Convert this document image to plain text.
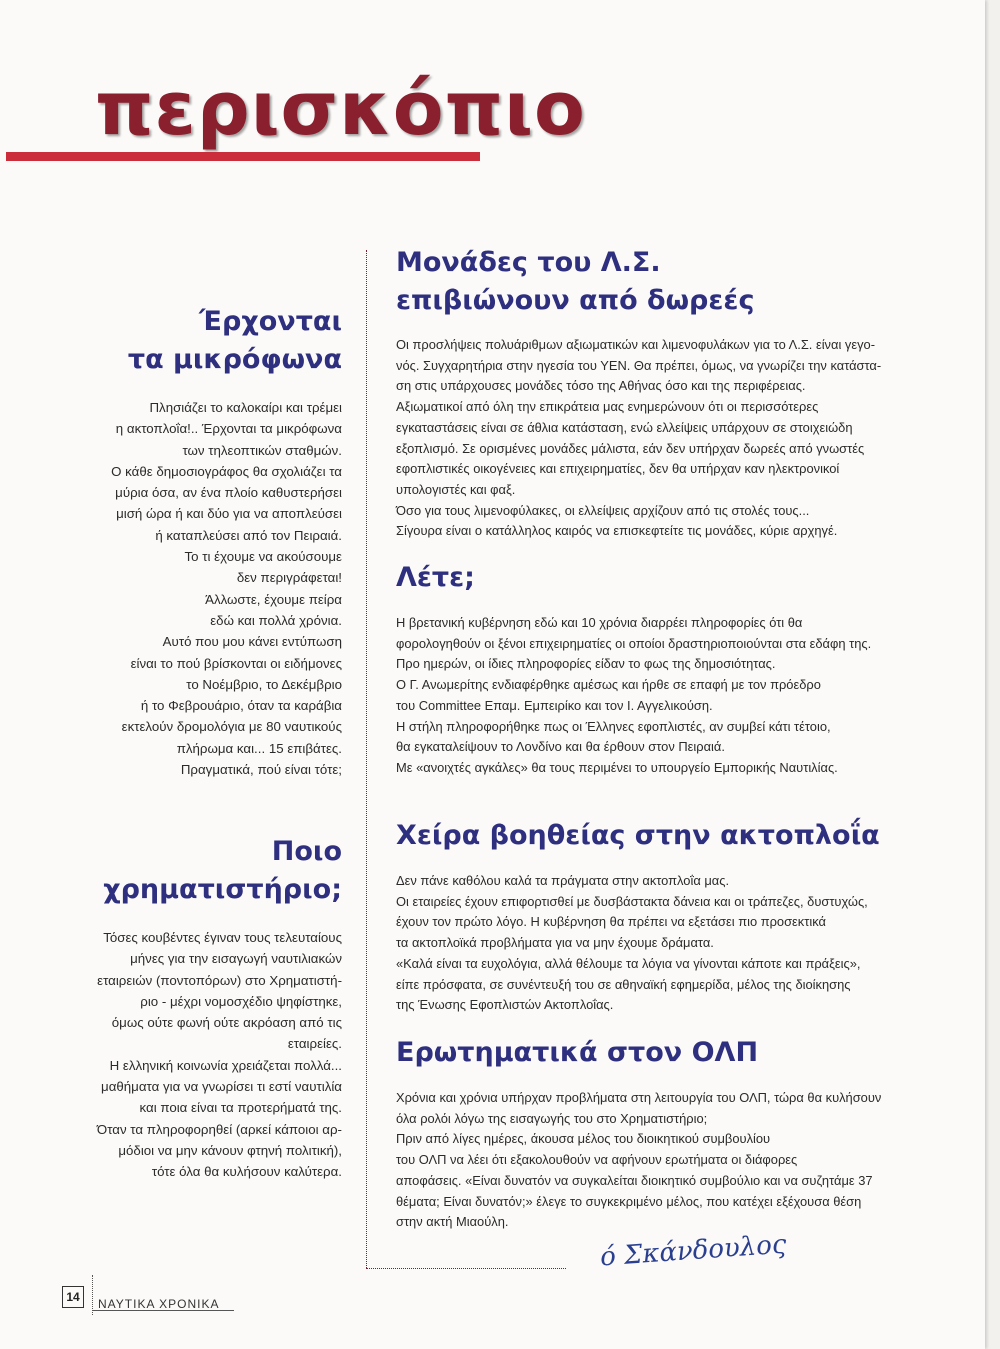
περισκόπιο
Έρχονται
τα μικρόφωνα
Πλησιάζει το καλοκαίρι και τρέμει
η ακτοπλοΐα!.. Έρχονται τα μικρόφωνα
των τηλεοπτικών σταθμών.
Ο κάθε δημοσιογράφος θα σχολιάζει τα
μύρια όσα, αν ένα πλοίο καθυστερήσει
μισή ώρα ή και δύο για να αποπλεύσει
ή καταπλεύσει από τον Πειραιά.
Το τι έχουμε να ακούσουμε
δεν περιγράφεται!
Άλλωστε, έχουμε πείρα
εδώ και πολλά χρόνια.
Αυτό που μου κάνει εντύπωση
είναι το πού βρίσκονται οι ειδήμονες
το Νοέμβριο, το Δεκέμβριο
ή το Φεβρουάριο, όταν τα καράβια
εκτελούν δρομολόγια με 80 ναυτικούς
πλήρωμα και... 15 επιβάτες.
Πραγματικά, πού είναι τότε;
Ποιο
χρηματιστήριο;
Τόσες κουβέντες έγιναν τους τελευταίους
μήνες για την εισαγωγή ναυτιλιακών
εταιρειών (ποντοπόρων) στο Χρηματιστή-
ριο - μέχρι νομοσχέδιο ψηφίστηκε,
όμως ούτε φωνή ούτε ακρόαση από τις
εταιρείες.
Η ελληνική κοινωνία χρειάζεται πολλά...
μαθήματα για να γνωρίσει τι εστί ναυτιλία
και ποια είναι τα προτερήματά της.
Όταν τα πληροφορηθεί (αρκεί κάποιοι αρ-
μόδιοι να μην κάνουν φτηνή πολιτική),
τότε όλα θα κυλήσουν καλύτερα.
Μονάδες του Λ.Σ.
επιβιώνουν από δωρεές
Οι προσλήψεις πολυάριθμων αξιωματικών και λιμενοφυλάκων για το Λ.Σ. είναι γεγο-
νός. Συγχαρητήρια στην ηγεσία του ΥΕΝ. Θα πρέπει, όμως, να γνωρίζει την κατάστα-
ση στις υπάρχουσες μονάδες τόσο της Αθήνας όσο και της περιφέρειας.
Αξιωματικοί από όλη την επικράτεια μας ενημερώνουν ότι οι περισσότερες
εγκαταστάσεις είναι σε άθλια κατάσταση, ενώ ελλείψεις υπάρχουν σε στοιχειώδη
εξοπλισμό. Σε ορισμένες μονάδες μάλιστα, εάν δεν υπήρχαν δωρεές από γνωστές
εφοπλιστικές οικογένειες και επιχειρηματίες, δεν θα υπήρχαν καν ηλεκτρονικοί
υπολογιστές και φαξ.
Όσο για τους λιμενοφύλακες, οι ελλείψεις αρχίζουν από τις στολές τους...
Σίγουρα είναι ο κατάλληλος καιρός να επισκεφτείτε τις μονάδες, κύριε αρχηγέ.
Λέτε;
Η βρετανική κυβέρνηση εδώ και 10 χρόνια διαρρέει πληροφορίες ότι θα
φορολογηθούν οι ξένοι επιχειρηματίες οι οποίοι δραστηριοποιούνται στα εδάφη της.
Προ ημερών, οι ίδιες πληροφορίες είδαν το φως της δημοσιότητας.
Ο Γ. Ανωμερίτης ενδιαφέρθηκε αμέσως και ήρθε σε επαφή με τον πρόεδρο
του Committee Επαμ. Εμπειρίκο και τον Ι. Αγγελικούση.
Η στήλη πληροφορήθηκε πως οι Έλληνες εφοπλιστές, αν συμβεί κάτι τέτοιο,
θα εγκαταλείψουν το Λονδίνο και θα έρθουν στον Πειραιά.
Με «ανοιχτές αγκάλες» θα τους περιμένει το υπουργείο Εμπορικής Ναυτιλίας.
Χείρα βοηθείας στην ακτοπλοΐα
Δεν πάνε καθόλου καλά τα πράγματα στην ακτοπλοΐα μας.
Οι εταιρείες έχουν επιφορτισθεί με δυσβάστακτα δάνεια και οι τράπεζες, δυστυχώς,
έχουν τον πρώτο λόγο. Η κυβέρνηση θα πρέπει να εξετάσει πιο προσεκτικά
τα ακτοπλοϊκά προβλήματα για να μην έχουμε δράματα.
«Καλά είναι τα ευχολόγια, αλλά θέλουμε τα λόγια να γίνονται κάποτε και πράξεις»,
είπε πρόσφατα, σε συνέντευξή του σε αθηναϊκή εφημερίδα, μέλος της διοίκησης
της Ένωσης Εφοπλιστών Ακτοπλοΐας.
Ερωτηματικά στον ΟΛΠ
Χρόνια και χρόνια υπήρχαν προβλήματα στη λειτουργία του ΟΛΠ, τώρα θα κυλήσουν
όλα ρολόι λόγω της εισαγωγής του στο Χρηματιστήριο;
Πριν από λίγες ημέρες, άκουσα μέλος του διοικητικού συμβουλίου
του ΟΛΠ να λέει ότι εξακολουθούν να αφήνουν ερωτήματα οι διάφορες
αποφάσεις. «Είναι δυνατόν να συγκαλείται διοικητικό συμβούλιο και να συζητάμε 37
θέματα; Είναι δυνατόν;» έλεγε το συγκεκριμένο μέλος, που κατέχει εξέχουσα θέση
στην ακτή Μιαούλη.
ό Σκάνδουλος
14	ΝΑΥΤΙΚΑ ΧΡΟΝΙΚΑ
